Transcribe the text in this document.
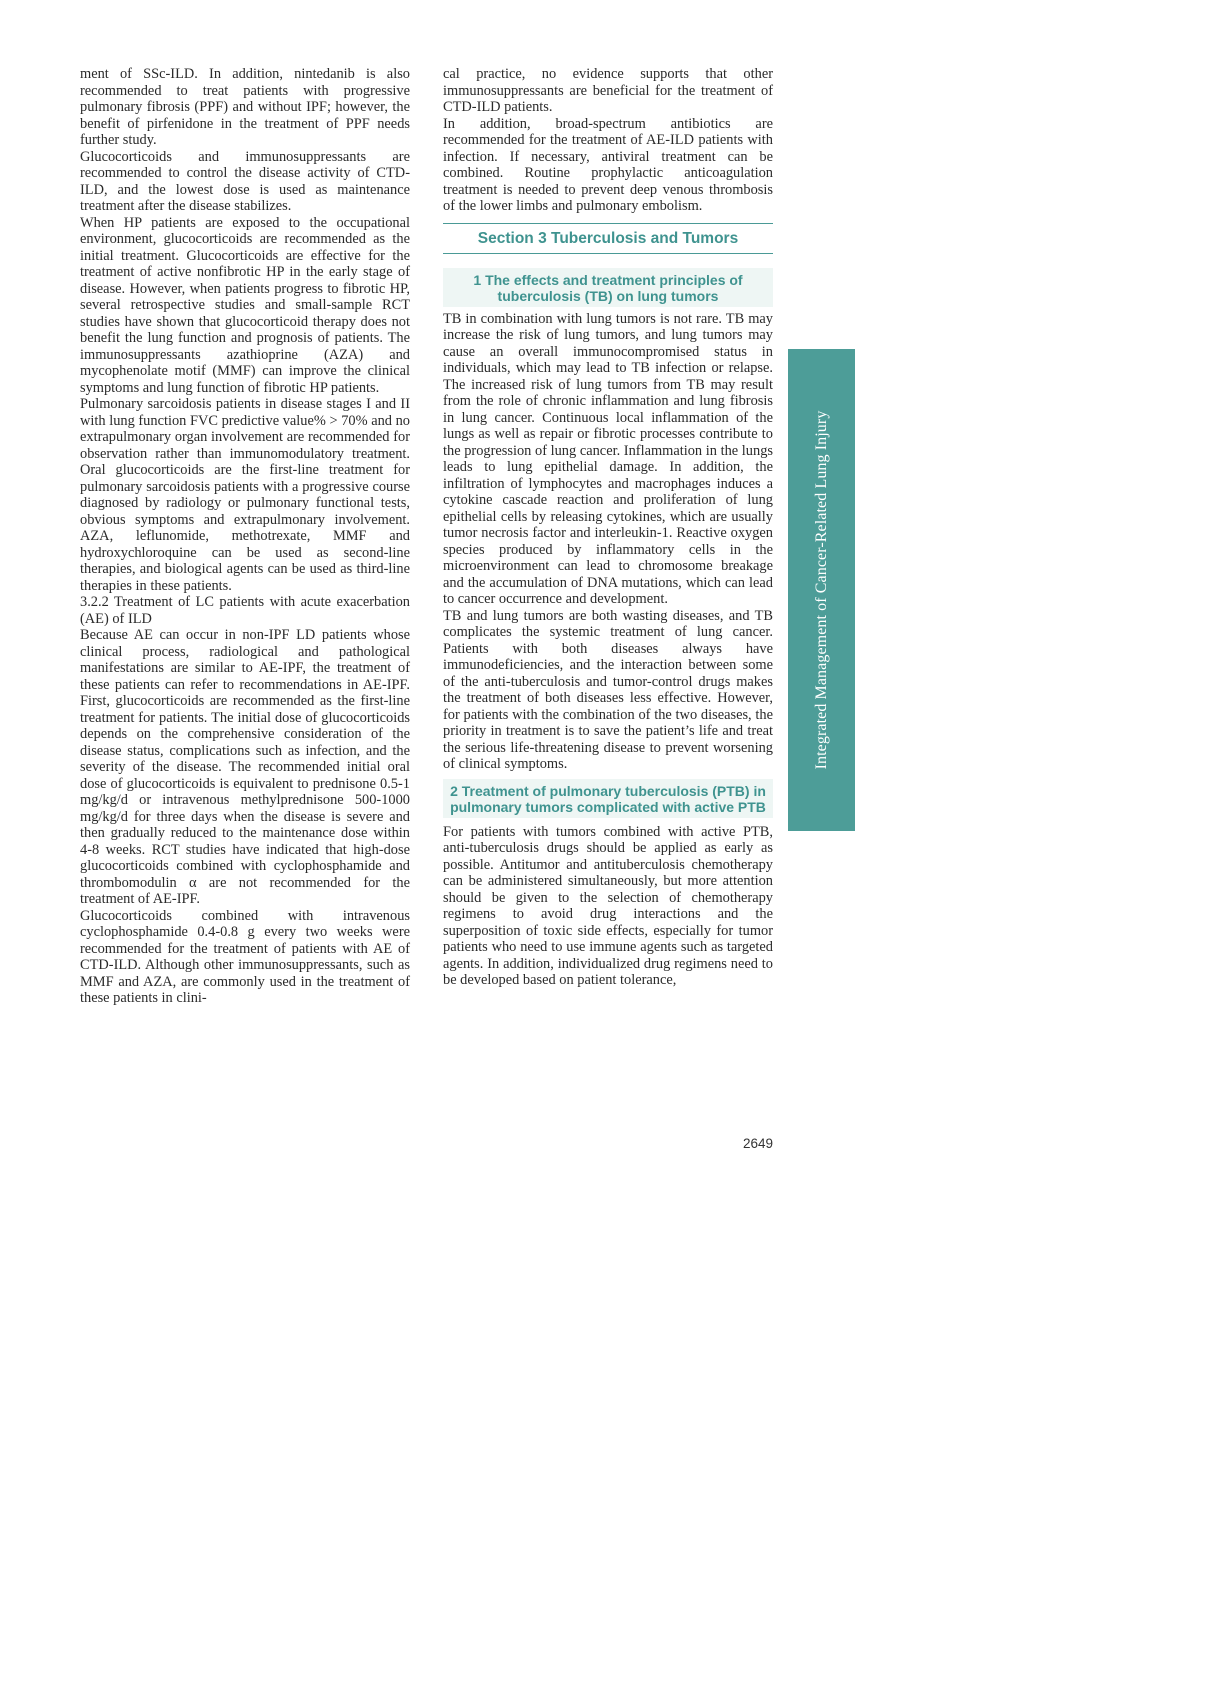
ment of SSc-ILD. In addition, nintedanib is also recommended to treat patients with progressive pulmonary fibrosis (PPF) and without IPF; however, the benefit of pirfenidone in the treatment of PPF needs further study.

Glucocorticoids and immunosuppressants are recommended to control the disease activity of CTD-ILD, and the lowest dose is used as maintenance treatment after the disease stabilizes.

When HP patients are exposed to the occupational environment, glucocorticoids are recommended as the initial treatment. Glucocorticoids are effective for the treatment of active nonfibrotic HP in the early stage of disease. However, when patients progress to fibrotic HP, several retrospective studies and small-sample RCT studies have shown that glucocorticoid therapy does not benefit the lung function and prognosis of patients. The immunosuppressants azathioprine (AZA) and mycophenolate motif (MMF) can improve the clinical symptoms and lung function of fibrotic HP patients.

Pulmonary sarcoidosis patients in disease stages I and II with lung function FVC predictive value% > 70% and no extrapulmonary organ involvement are recommended for observation rather than immunomodulatory treatment. Oral glucocorticoids are the first-line treatment for pulmonary sarcoidosis patients with a progressive course diagnosed by radiology or pulmonary functional tests, obvious symptoms and extrapulmonary involvement. AZA, leflunomide, methotrexate, MMF and hydroxychloroquine can be used as second-line therapies, and biological agents can be used as third-line therapies in these patients.

3.2.2 Treatment of LC patients with acute exacerbation (AE) of ILD

Because AE can occur in non-IPF LD patients whose clinical process, radiological and pathological manifestations are similar to AE-IPF, the treatment of these patients can refer to recommendations in AE-IPF. First, glucocorticoids are recommended as the first-line treatment for patients. The initial dose of glucocorticoids depends on the comprehensive consideration of the disease status, complications such as infection, and the severity of the disease. The recommended initial oral dose of glucocorticoids is equivalent to prednisone 0.5-1 mg/kg/d or intravenous methylprednisone 500-1000 mg/kg/d for three days when the disease is severe and then gradually reduced to the maintenance dose within 4-8 weeks. RCT studies have indicated that high-dose glucocorticoids combined with cyclophosphamide and thrombomodulin α are not recommended for the treatment of AE-IPF.

Glucocorticoids combined with intravenous cyclophosphamide 0.4-0.8 g every two weeks were recommended for the treatment of patients with AE of CTD-ILD. Although other immunosuppressants, such as MMF and AZA, are commonly used in the treatment of these patients in clini-

cal practice, no evidence supports that other immunosuppressants are beneficial for the treatment of CTD-ILD patients.

In addition, broad-spectrum antibiotics are recommended for the treatment of AE-ILD patients with infection. If necessary, antiviral treatment can be combined. Routine prophylactic anticoagulation treatment is needed to prevent deep venous thrombosis of the lower limbs and pulmonary embolism.

Section 3 Tuberculosis and Tumors
1 The effects and treatment principles of tuberculosis (TB) on lung tumors

TB in combination with lung tumors is not rare. TB may increase the risk of lung tumors, and lung tumors may cause an overall immunocompromised status in individuals, which may lead to TB infection or relapse. The increased risk of lung tumors from TB may result from the role of chronic inflammation and lung fibrosis in lung cancer. Continuous local inflammation of the lungs as well as repair or fibrotic processes contribute to the progression of lung cancer. Inflammation in the lungs leads to lung epithelial damage. In addition, the infiltration of lymphocytes and macrophages induces a cytokine cascade reaction and proliferation of lung epithelial cells by releasing cytokines, which are usually tumor necrosis factor and interleukin-1. Reactive oxygen species produced by inflammatory cells in the microenvironment can lead to chromosome breakage and the accumulation of DNA mutations, which can lead to cancer occurrence and development.

TB and lung tumors are both wasting diseases, and TB complicates the systemic treatment of lung cancer. Patients with both diseases always have immunodeficiencies, and the interaction between some of the anti-tuberculosis and tumor-control drugs makes the treatment of both diseases less effective. However, for patients with the combination of the two diseases, the priority in treatment is to save the patient’s life and treat the serious life-threatening disease to prevent worsening of clinical symptoms.

2 Treatment of pulmonary tuberculosis (PTB) in pulmonary tumors complicated with active PTB

For patients with tumors combined with active PTB, anti-tuberculosis drugs should be applied as early as possible. Antitumor and antituberculosis chemotherapy can be administered simultaneously, but more attention should be given to the selection of chemotherapy regimens to avoid drug interactions and the superposition of toxic side effects, especially for tumor patients who need to use immune agents such as targeted agents. In addition, individualized drug regimens need to be developed based on patient tolerance,

Integrated Management of Cancer-Related Lung Injury
2649
